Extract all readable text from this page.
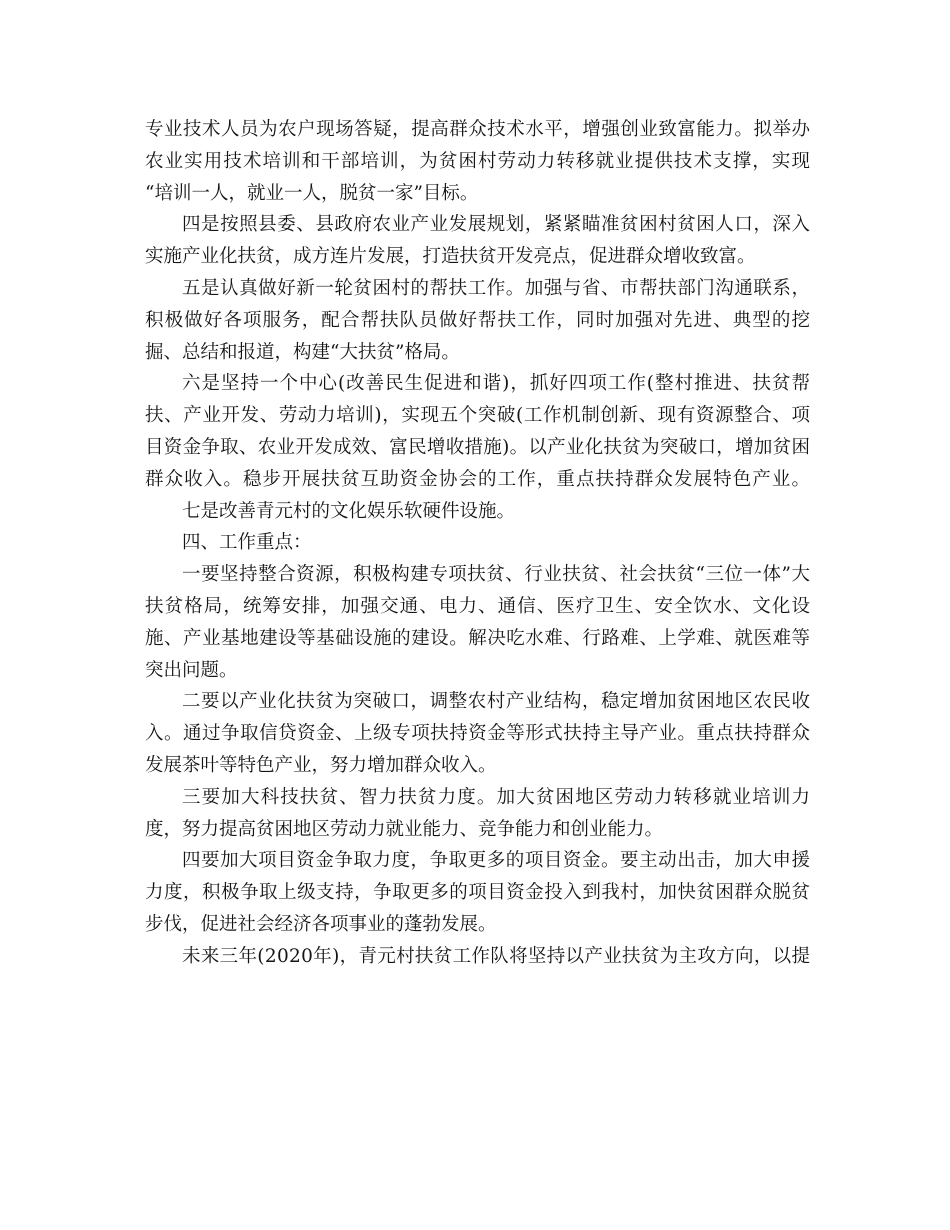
专业技术人员为农户现场答疑，提高群众技术水平，增强创业致富能力。拟举办
农业实用技术培训和干部培训，为贫困村劳动力转移就业提供技术支撑，实现
“培训一人，就业一人，脱贫一家”目标。
四是按照县委、县政府农业产业发展规划，紧紧瞄准贫困村贫困人口，深入
实施产业化扶贫，成方连片发展，打造扶贫开发亮点，促进群众增收致富。
五是认真做好新一轮贫困村的帮扶工作。加强与省、市帮扶部门沟通联系，
积极做好各项服务，配合帮扶队员做好帮扶工作，同时加强对先进、典型的挖
掘、总结和报道，构建“大扶贫”格局。
六是坚持一个中心(改善民生促进和谐)，抓好四项工作(整村推进、扶贫帮
扶、产业开发、劳动力培训)，实现五个突破(工作机制创新、现有资源整合、项
目资金争取、农业开发成效、富民增收措施)。以产业化扶贫为突破口，增加贫困
群众收入。稳步开展扶贫互助资金协会的工作，重点扶持群众发展特色产业。
七是改善青元村的文化娱乐软硬件设施。
四、工作重点：
一要坚持整合资源，积极构建专项扶贫、行业扶贫、社会扶贫“三位一体”大
扶贫格局，统筹安排，加强交通、电力、通信、医疗卫生、安全饮水、文化设
施、产业基地建设等基础设施的建设。解决吃水难、行路难、上学难、就医难等
突出问题。
二要以产业化扶贫为突破口，调整农村产业结构，稳定增加贫困地区农民收
入。通过争取信贷资金、上级专项扶持资金等形式扶持主导产业。重点扶持群众
发展茶叶等特色产业，努力增加群众收入。
三要加大科技扶贫、智力扶贫力度。加大贫困地区劳动力转移就业培训力
度，努力提高贫困地区劳动力就业能力、竞争能力和创业能力。
四要加大项目资金争取力度，争取更多的项目资金。要主动出击，加大申援
力度，积极争取上级支持，争取更多的项目资金投入到我村，加快贫困群众脱贫
步伐，促进社会经济各项事业的蓬勃发展。
未来三年(2020年)，青元村扶贫工作队将坚持以产业扶贫为主攻方向，以提
